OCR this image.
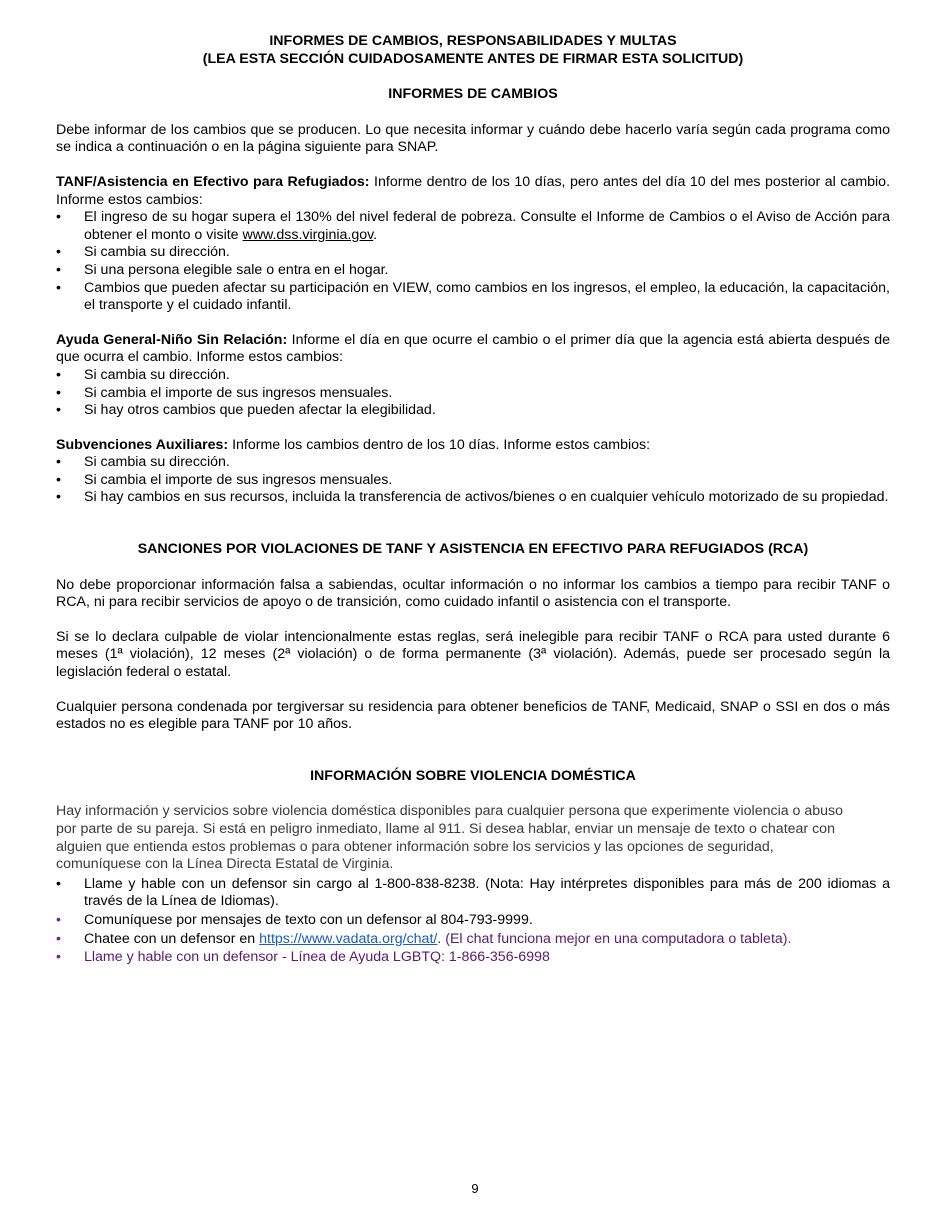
INFORMES DE CAMBIOS, RESPONSABILIDADES Y MULTAS
(LEA ESTA SECCIÓN CUIDADOSAMENTE ANTES DE FIRMAR ESTA SOLICITUD)
INFORMES DE CAMBIOS

Debe informar de los cambios que se producen. Lo que necesita informar y cuándo debe hacerlo varía según cada programa como se indica a continuación o en la página siguiente para SNAP.

TANF/Asistencia en Efectivo para Refugiados: Informe dentro de los 10 días, pero antes del día 10 del mes posterior al cambio. Informe estos cambios:

•	El ingreso de su hogar supera el 130% del nivel federal de pobreza. Consulte el Informe de Cambios o el Aviso de Acción para obtener el monto o visite www.dss.virginia.gov.
•	Si cambia su dirección.
•	Si una persona elegible sale o entra en el hogar.
•	Cambios que pueden afectar su participación en VIEW, como cambios en los ingresos, el empleo, la educación, la capacitación, el transporte y el cuidado infantil.

Ayuda General-Niño Sin Relación: Informe el día en que ocurre el cambio o el primer día que la agencia está abierta después de que ocurra el cambio. Informe estos cambios:

•	Si cambia su dirección.
•	Si cambia el importe de sus ingresos mensuales.
•	Si hay otros cambios que pueden afectar la elegibilidad.

Subvenciones Auxiliares: Informe los cambios dentro de los 10 días. Informe estos cambios:

•	Si cambia su dirección.
•	Si cambia el importe de sus ingresos mensuales.
•	Si hay cambios en sus recursos, incluida la transferencia de activos/bienes o en cualquier vehículo motorizado de su propiedad.
SANCIONES POR VIOLACIONES DE TANF Y ASISTENCIA EN EFECTIVO PARA REFUGIADOS (RCA)

No debe proporcionar información falsa a sabiendas, ocultar información o no informar los cambios a tiempo para recibir TANF o RCA, ni para recibir servicios de apoyo o de transición, como cuidado infantil o asistencia con el transporte.

Si se lo declara culpable de violar intencionalmente estas reglas, será inelegible para recibir TANF o RCA para usted durante 6 meses (1ª violación), 12 meses (2ª violación) o de forma permanente (3ª violación). Además, puede ser procesado según la legislación federal o estatal.

Cualquier persona condenada por tergiversar su residencia para obtener beneficios de TANF, Medicaid, SNAP o SSI en dos o más estados no es elegible para TANF por 10 años.

INFORMACIÓN SOBRE VIOLENCIA DOMÉSTICA
Hay información y servicios sobre violencia doméstica disponibles para cualquier persona que experimente violencia o abuso
por parte de su pareja. Si está en peligro inmediato, llame al 911. Si desea hablar, enviar un mensaje de texto o chatear con
alguien que entienda estos problemas o para obtener información sobre los servicios y las opciones de seguridad,
comuníquese con la Línea Directa Estatal de Virginia.
•	Llame y hable con un defensor sin cargo al 1-800-838-8238. (Nota: Hay intérpretes disponibles para más de 200 idiomas a través de la Línea de Idiomas).
•	Comuníquese por mensajes de texto con un defensor al 804-793-9999.
•	Chatee con un defensor en https://www.vadata.org/chat/. (El chat funciona mejor en una computadora o tableta).
•	Llame y hable con un defensor - Línea de Ayuda LGBTQ: 1-866-356-6998
9
